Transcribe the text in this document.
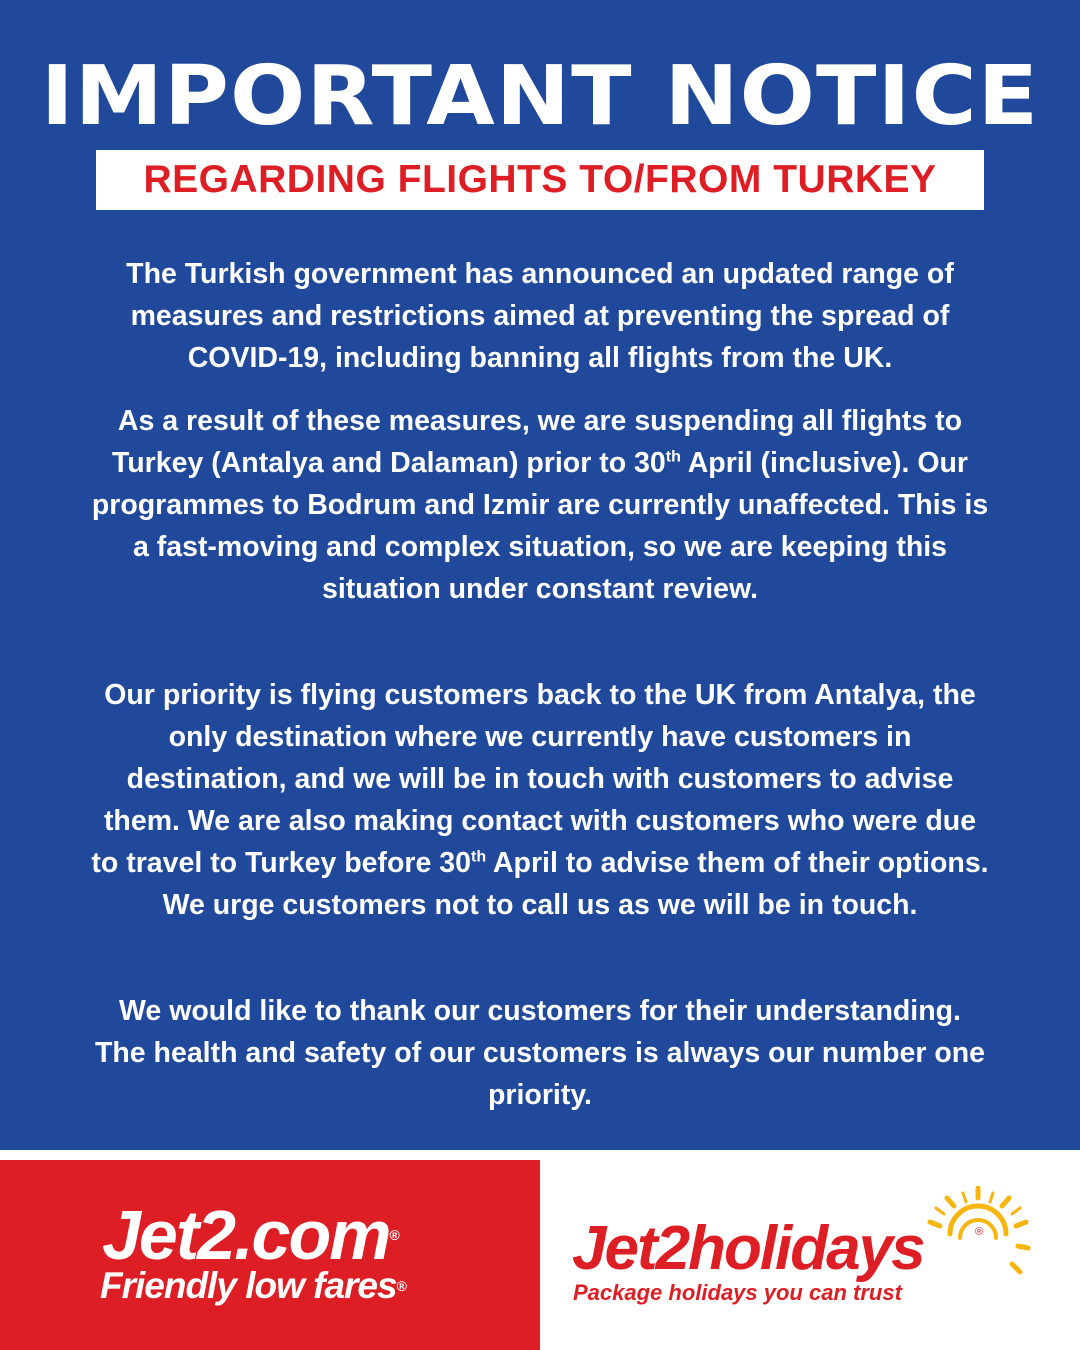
IMPORTANT NOTICE
REGARDING FLIGHTS TO/FROM TURKEY

The Turkish government has announced an updated range of measures and restrictions aimed at preventing the spread of COVID-19, including banning all flights from the UK.

As a result of these measures, we are suspending all flights to Turkey (Antalya and Dalaman) prior to 30th April (inclusive). Our programmes to Bodrum and Izmir are currently unaffected. This is a fast-moving and complex situation, so we are keeping this situation under constant review.

Our priority is flying customers back to the UK from Antalya, the only destination where we currently have customers in destination, and we will be in touch with customers to advise them. We are also making contact with customers who were due to travel to Turkey before 30th April to advise them of their options. We urge customers not to call us as we will be in touch.

We would like to thank our customers for their understanding. The health and safety of our customers is always our number one priority.

Jet2.com®
Friendly low fares®
Jet2holidays	®
Package holidays you can trust
